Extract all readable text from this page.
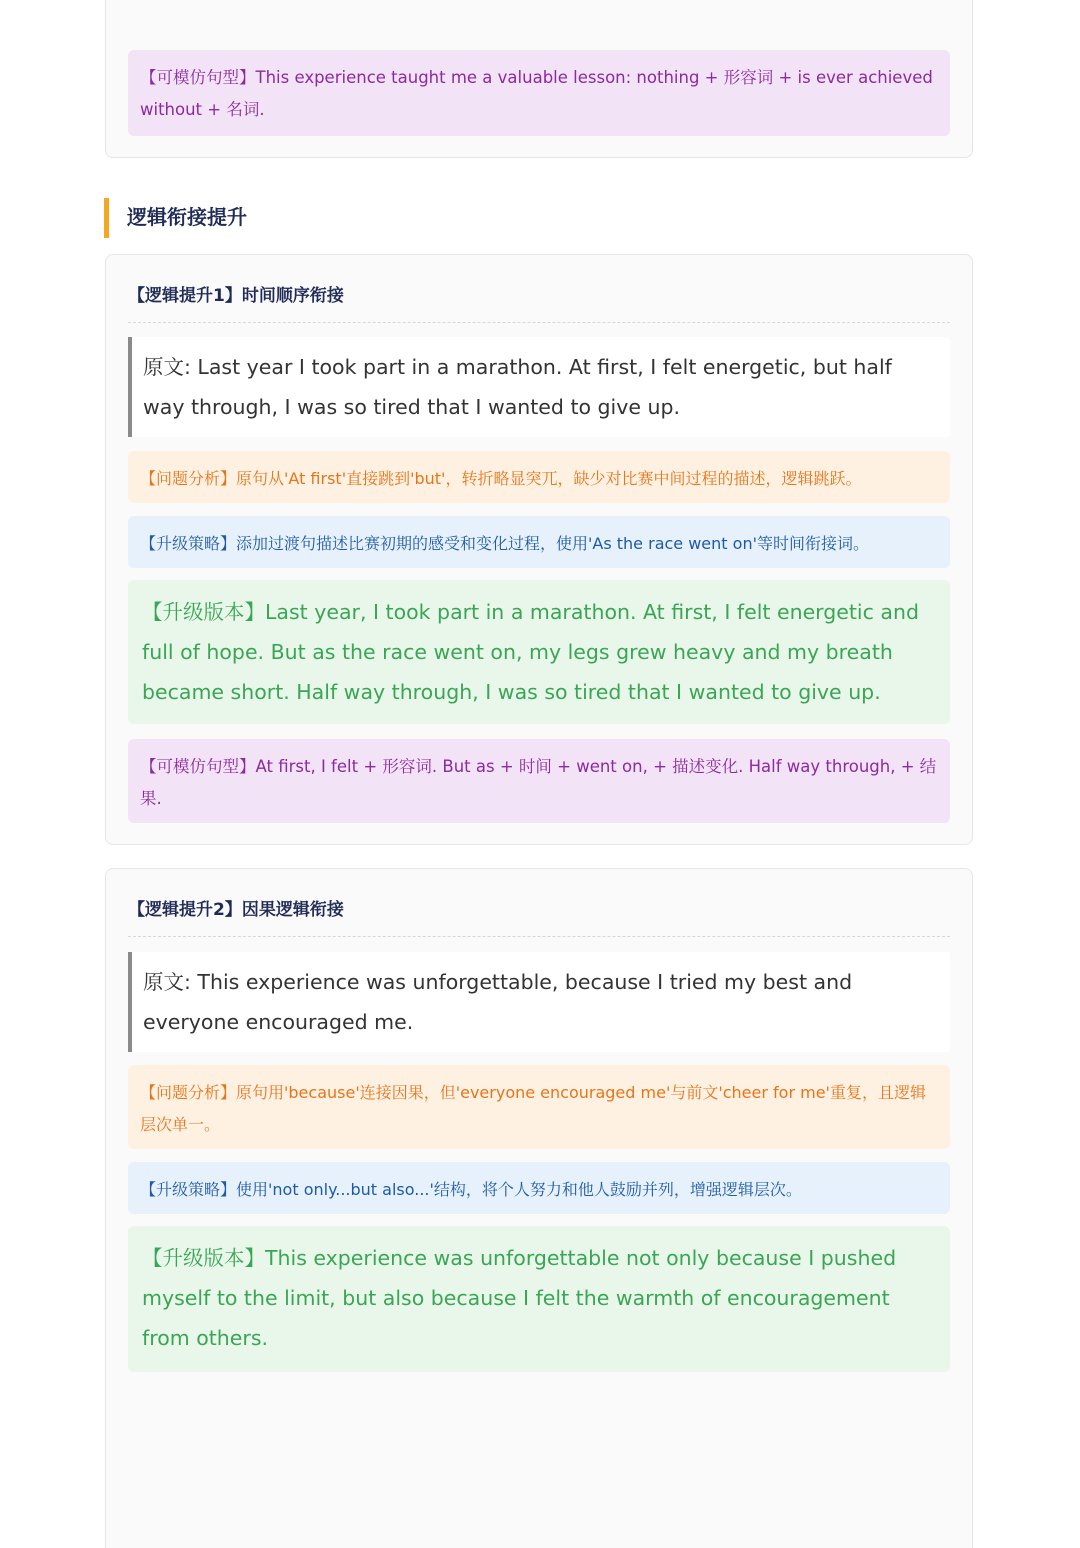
【可模仿句型】This experience taught me a valuable lesson: nothing + 形容词 + is ever achieved without + 名词.
逻辑衔接提升
【逻辑提升1】时间顺序衔接
原文: Last year I took part in a marathon. At first, I felt energetic, but half way through, I was so tired that I wanted to give up.
【问题分析】原句从'At first'直接跳到'but'，转折略显突兀，缺少对比赛中间过程的描述，逻辑跳跃。
【升级策略】添加过渡句描述比赛初期的感受和变化过程，使用'As the race went on'等时间衔接词。
【升级版本】Last year, I took part in a marathon. At first, I felt energetic and full of hope. But as the race went on, my legs grew heavy and my breath became short. Half way through, I was so tired that I wanted to give up.
【可模仿句型】At first, I felt + 形容词. But as + 时间 + went on, + 描述变化. Half way through, + 结果.
【逻辑提升2】因果逻辑衔接
原文: This experience was unforgettable, because I tried my best and everyone encouraged me.
【问题分析】原句用'because'连接因果，但'everyone encouraged me'与前文'cheer for me'重复，且逻辑层次单一。
【升级策略】使用'not only...but also...'结构，将个人努力和他人鼓励并列，增强逻辑层次。
【升级版本】This experience was unforgettable not only because I pushed myself to the limit, but also because I felt the warmth of encouragement from others.
